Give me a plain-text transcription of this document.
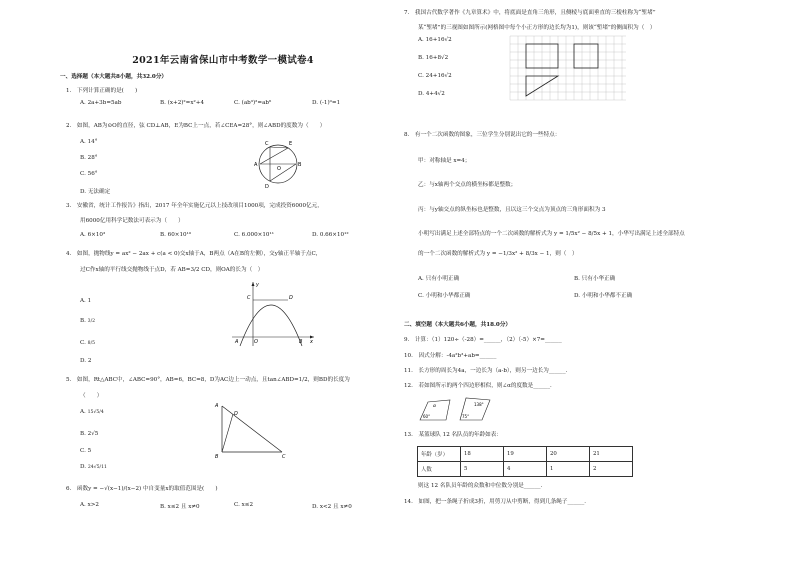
2021年云南省保山市中考数学一模试卷4
一、选择题（本大题共8小题，共32.0分）
1.　下列计算正确的是(　　)
A. 2a+3b=5ab	B. (x+2)²=x²+4	C. (ab³)²=ab⁶	D. (-1)⁰=1
2.　如图，AB为⊙O的直径，弦 CD⊥AB，E为BC上一点，若∠CEA=28°，则∠ABD的度数为（　　）
A. 14°
B. 28°
C. 56°
D. 无法确定
C	E
A	B
O
D
3.　安徽省，统计工作报告》指出，2017 年全年实施亿元以上技改项目1000项，完成投资6000亿元，
用6000亿用科学记数法可表示为（　　）
A. 6×10³	B. 60×10¹⁰	C. 6.000×10¹¹	D. 0.66×10¹²
4.　如图，抛物线y = ax² − 2ax + c(a < 0)交x轴于A，B两点（A在B的左侧），交y轴正半轴于点C，
过C作x轴的平行线交抛物线于点D，若 AB=3/2 CD，则OA的长为（　）
A. 1
B. 3/2
C. 8/5
D. 2
y
C	D
A	O	B x
5.　如图，Rt△ABC中，∠ABC=90°，AB=6，BC=8，D为AC边上一动点，且tan∠ABD=1/2，则BD的长度为
（　　）
A. 15√5/4
B. 2√5
C. 5
D. 24√5/11
A
D
B	C
6.　函数y = −√(x−1)/(x−2) 中自变量x的取值范围是(　　)
A. x>2	B. x≤2 且 x≠0	C. x≤2	D. x<2 且 x≠0
7.　我国古代数学著作《九章算术》中，将底面是直角三角形，且侧棱与底面垂直的三棱柱称为“堑堵”
某“堑堵”的三视图如图所示(网格图中每个小正方形的边长均为1)，则该“堑堵”的侧面积为（　）
A. 16+16√2
B. 16+8√2
C. 24+16√2
D. 4+4√2
8.　有一个二次函数的图象，三位学生分别说出它的一些特点：
甲：对称轴是 x=4；
乙：与x轴两个交点的横坐标都是整数；
丙：与y轴交点的纵坐标也是整数，且以这三个交点为顶点的三角形面积为 3
小明写出满足上述全部特点的一个二次函数的解析式为 y = 1/5x² − 8/5x + 1，小华写出满足上述全部特点
的一个二次函数的解析式为 y = −1/3x² + 8/3x − 1，则（　）
A. 只有小明正确	B. 只有小华正确
C. 小明和小华都正确	D. 小明和小华都不正确
二、填空题（本大题共6小题，共18.0分）
9.　计算：（1）120÷（-28）=______，（2）（-5）×7=______
10.　因式分解：-4a²b³+ab=______
11.　长方形的周长为4a，一边长为（a-b），则另一边长为______．
12.　若如图所示的两个四边形相似，则∠α的度数是______．
α
60°	75°
138°
13.　某篮球队 12 名队员的年龄如表：
年龄（岁）	18	19	20	21
人数	5	4	1	2
则这 12 名队员年龄的众数和中位数分别是______．
14.　如图，把一条绳子折成3折，用剪刀从中剪断，得到几条绳子______．
